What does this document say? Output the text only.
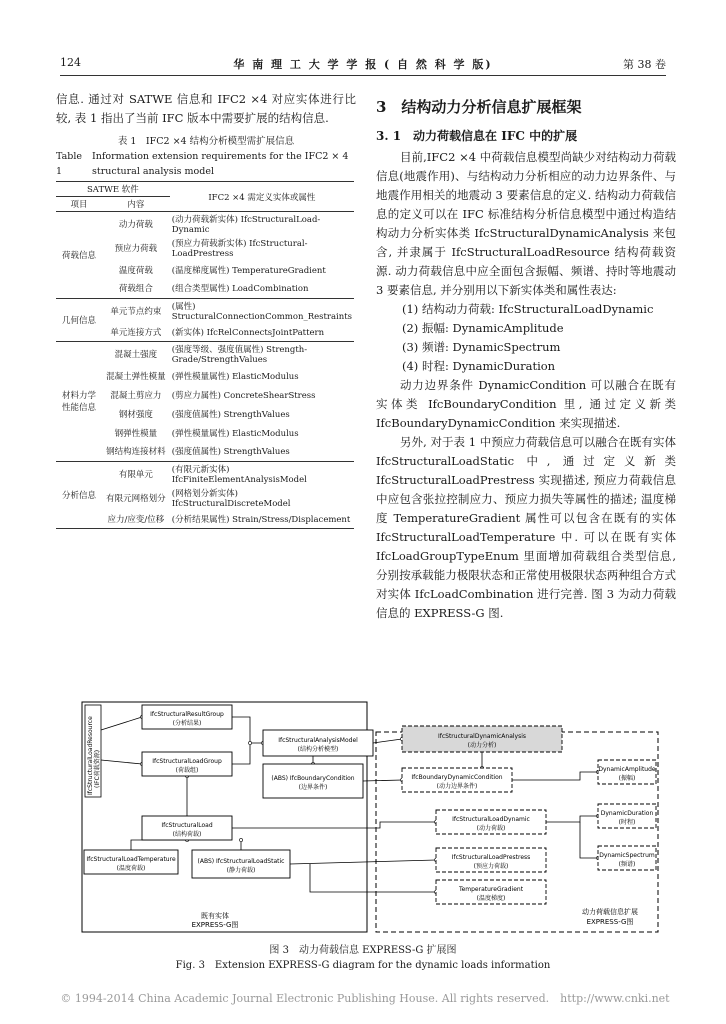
124	华 南 理 工 大 学 学 报 ( 自 然 科 学 版)	第 38 卷

信息. 通过对 SATWE 信息和 IFC2 ×4 对应实体进行比较, 表 1 指出了当前 IFC 版本中需要扩展的结构信息.

表 1　IFC2 ×4 结构分析模型需扩展信息

Table 1
Information extension requirements for the IFC2 × 4 structural analysis model

SATWE 软件		IFC2 ×4 需定义实体或属性
项目	内容	
荷载信息	动力荷载	(动力荷载新实体) IfcStructuralLoad-Dynamic
	预应力荷载	(预应力荷载新实体) IfcStructural-LoadPrestress
	温度荷载	(温度梯度属性) TemperatureGradient
	荷载组合	(组合类型属性) LoadCombination
几何信息	单元节点约束	(属性) StructuralConnectionCommon_Restraints
	单元连接方式	(新实体) IfcRelConnectsJointPattern
材料力学性能信息	混凝土强度	(强度等级、强度值属性) Strength-Grade/StrengthValues
	混凝土弹性模量	(弹性模量属性) ElasticModulus
	混凝土剪应力	(剪应力属性) ConcreteShearStress
	钢材强度	(强度值属性) StrengthValues
	钢弹性模量	(弹性模量属性) ElasticModulus
	钢结构连接材料	(强度值属性) StrengthValues
分析信息	有限单元	(有限元新实体) IfcFiniteElementAnalysisModel
	有限元网格划分	(网格划分新实体) IfcStructuralDiscreteModel
	应力/应变/位移	(分析结果属性) Strain/Stress/Displacement
3　结构动力分析信息扩展框架
3. 1　动力荷载信息在 IFC 中的扩展

目前,IFC2 ×4 中荷载信息模型尚缺少对结构动力荷载信息(地震作用)、与结构动力分析相应的动力边界条件、与地震作用相关的地震动 3 要素信息的定义. 结构动力荷载信息的定义可以在 IFC 标准结构分析信息模型中通过构造结构动力分析实体类 IfcStructuralDynamicAnalysis 来包含, 并隶属于 IfcStructuralLoadResource 结构荷载资源. 动力荷载信息中应全面包含振幅、频谱、持时等地震动 3 要素信息, 并分别用以下新实体类和属性表达:

(1) 结构动力荷载: IfcStructuralLoadDynamic
(2) 振幅: DynamicAmplitude
(3) 频谱: DynamicSpectrum
(4) 时程: DynamicDuration

动力边界条件 DynamicCondition 可以融合在既有实体类 IfcBoundaryCondition 里, 通过定义新类 IfcBoundaryDynamicCondition 来实现描述.

另外, 对于表 1 中预应力荷载信息可以融合在既有实体 IfcStructuralLoadStatic 中, 通过定义新类 IfcStructuralLoadPrestress 实现描述, 预应力荷载信息中应包含张拉控制应力、预应力损失等属性的描述; 温度梯度 TemperatureGradient 属性可以包含在既有的实体 IfcStructuralLoadTemperature 中. 可以在既有实体 IfcLoadGroupTypeEnum 里面增加荷载组合类型信息, 分别按承载能力极限状态和正常使用极限状态两种组合方式对实体 IfcLoadCombination 进行完善. 图 3 为动力荷载信息的 EXPRESS-G 图.

IfcStructuralLoadResource (IFC荷载资源)
IfcStructuralResultGroup
(分析结果)
IfcStructuralLoadGroup
(荷载组)
IfcStructuralAnalysisModel
(结构分析模型)
IfcStructuralDynamicAnalysis
(动力分析)
(ABS) IfcBoundaryCondition
(边界条件)
IfcBoundaryDynamicCondition
(动力边界条件)
DynamicAmplitude
(振幅)
IfcStructuralLoad
(结构荷载)
IfcStructuralLoadDynamic
(动力荷载)
DynamicDuration
(时程)
IfcStructuralLoadTemperature
(温度荷载)
(ABS) IfcStructuralLoadStatic
(静力荷载)
IfcStructuralLoadPrestress
(预应力荷载)
DynamicSpectrum
(频谱)
TemperatureGradient
(温度梯度)
既有实体
EXPRESS-G图
动力荷载信息扩展
EXPRESS-G图
图 3　动力荷载信息 EXPRESS-G 扩展图
Fig. 3　Extension EXPRESS-G diagram for the dynamic loads information
© 1994-2014 China Academic Journal Electronic Publishing House. All rights reserved.　http://www.cnki.net
